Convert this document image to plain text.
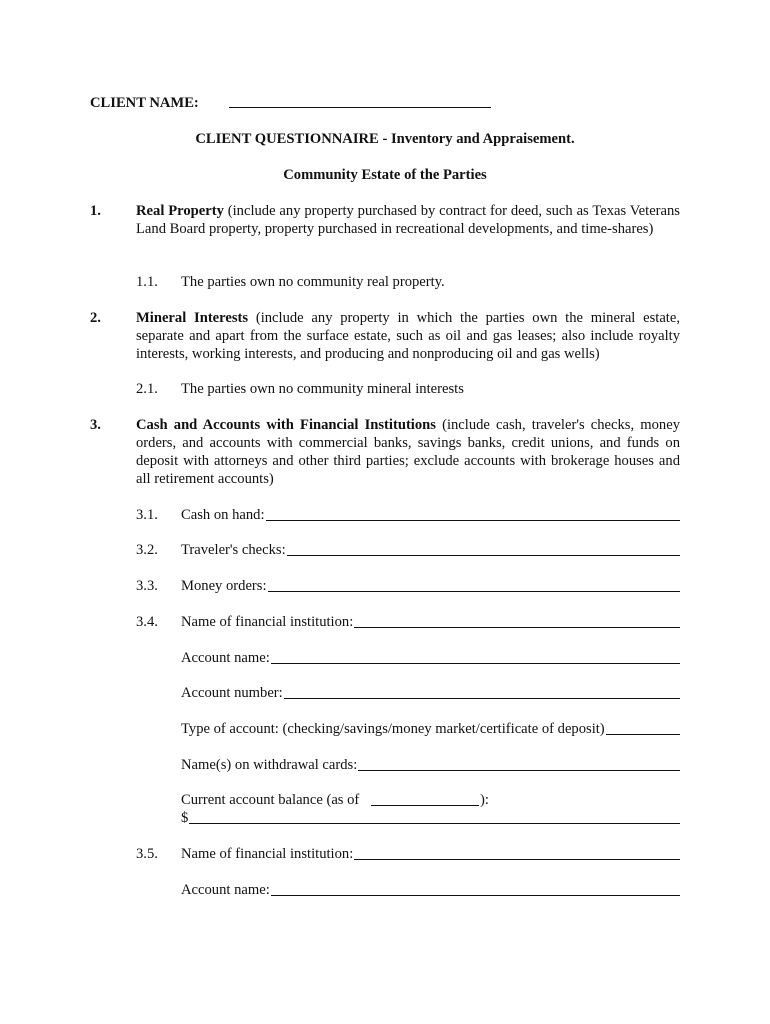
CLIENT NAME:
CLIENT QUESTIONNAIRE - Inventory and Appraisement.
Community Estate of the Parties
1. Real Property (include any property purchased by contract for deed, such as Texas Veterans Land Board property, property purchased in recreational developments, and time-shares)
1.1. The parties own no community real property.
2. Mineral Interests (include any property in which the parties own the mineral estate, separate and apart from the surface estate, such as oil and gas leases; also include royalty interests, working interests, and producing and nonproducing oil and gas wells)
2.1. The parties own no community mineral interests
3. Cash and Accounts with Financial Institutions (include cash, traveler's checks, money orders, and accounts with commercial banks, savings banks, credit unions, and funds on deposit with attorneys and other third parties; exclude accounts with brokerage houses and all retirement accounts)
3.1. Cash on hand:
3.2. Traveler's checks:
3.3. Money orders:
3.4. Name of financial institution:
Account name:
Account number:
Type of account: (checking/savings/money market/certificate of deposit)
Name(s) on withdrawal cards:
Current account balance (as of	):
$
3.5. Name of financial institution:
Account name:
